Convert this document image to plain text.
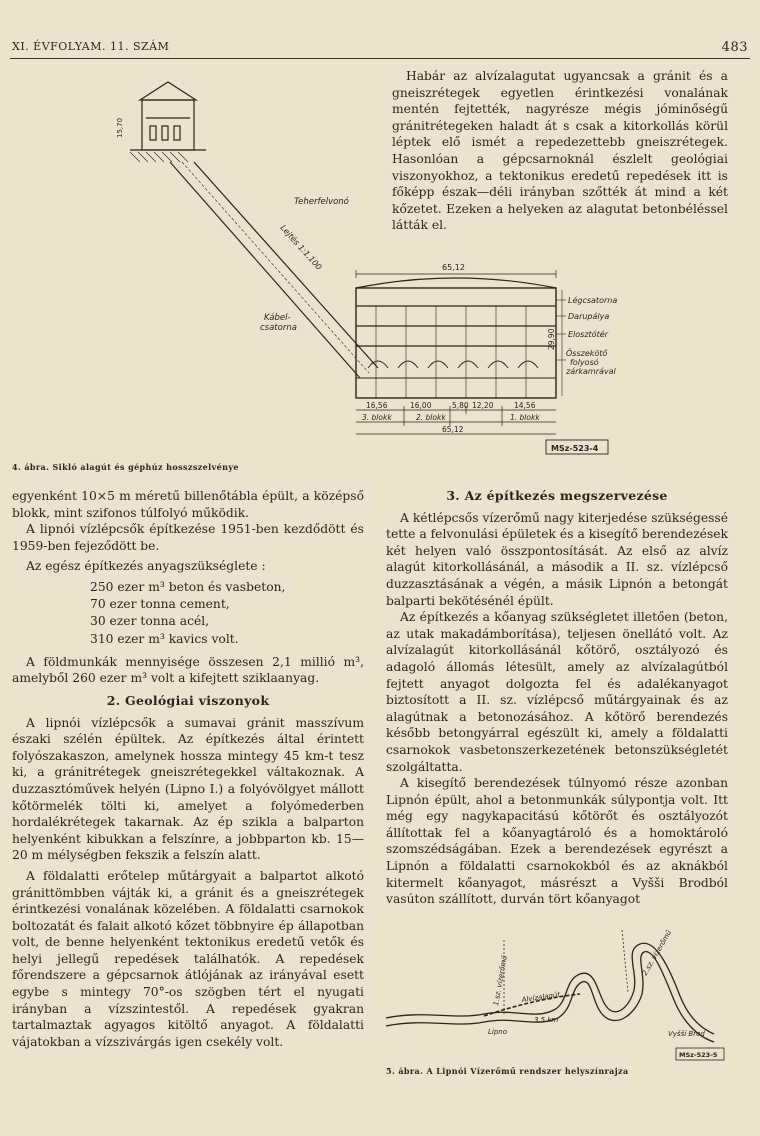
XI. ÉVFOLYAM. 11. SZÁM	483

Habár az alvízalagutat ugyancsak a gránit és a gneiszrétegek egyetlen érintkezési vonalának mentén fejtették, nagyrésze mégis jóminőségű gránitrétegeken haladt át s csak a kitorkollás körül léptek elő ismét a repedezettebb gneiszrétegek. Hasonlóan a gépcsarnoknál észlelt geológiai viszonyokhoz, a tektonikus eredetű repedések itt is főképp észak—déli irányban szőtték át mind a két kőzetet. Ezeken a helyeken az alagutat betonbéléssel látták el.

Teherfelvonó
Lejtés 1:1,100
Kábel-
csatorna
Légcsatorna
Darupálya
Elosztótér
Összekötő
folyosó
zárkamrával
65,12
29,90
16,56	16,00	5,80 12,20	14,56
3. blokk	2. blokk	1. blokk
65,12
15,70
MSz-523-4
4. ábra. Sikló alagút és géphúz hosszszelvénye

egyenként 10×5 m méretű billenőtábla épült, a középső blokk, mint szifonos túlfolyó működik.

A lipnói vízlépcsők építkezése 1951-ben kezdődött és 1959-ben fejeződött be.

Az egész építkezés anyagszükséglete :

250 ezer m³ beton és vasbeton,
70 ezer tonna cement,
30 ezer tonna acél,
310 ezer m³ kavics volt.

A földmunkák mennyisége összesen 2,1 millió m³, amelyből 260 ezer m³ volt a kifejtett sziklaanyag.

2. Geológiai viszonyok

A lipnói vízlépcsők a sumavai gránit masszívum északi szélén épültek. Az építkezés által érintett folyószakaszon, amelynek hossza mintegy 45 km-t tesz ki, a gránitrétegek gneiszrétegekkel váltakoznak. A duzzasztóművek helyén (Lipno I.) a folyóvölgyet mállott kőtörmelék tölti ki, amelyet a folyómederben hordalékrétegek takarnak. Az ép szikla a balparton helyenként kibukkan a felszínre, a jobbparton kb. 15—20 m mélységben fekszik a felszín alatt.

A földalatti erőtelep műtárgyait a balpartot alkotó gránittömbben vájták ki, a gránit és a gneiszrétegek érintkezési vonalának közelében. A földalatti csarnokok boltozatát és falait alkotó kőzet többnyire ép állapotban volt, de benne helyenként tektonikus eredetű vetők és helyi jellegű repedések találhatók. A repedések főrendszere a gépcsarnok átlójának az irányával esett egybe s mintegy 70°-os szögben tért el nyugati irányban a vízszintestől. A repedések gyakran tartalmaztak agyagos kitöltő anyagot. A földalatti vájatokban a vízszivárgás igen csekély volt.

3. Az építkezés megszervezése

A kétlépcsős vízerőmű nagy kiterjedése szükségessé tette a felvonulási épületek és a kisegítő berendezések két helyen való összpontosítását. Az első az alvíz alagút kitorkollásánál, a második a II. sz. vízlépcső duzzasztásának a végén, a másik Lipnón a betongát balparti bekötésénél épült.

Az építkezés a kőanyag szükségletet illetően (beton, az utak makadámborítása), teljesen önellátó volt. Az alvízalagút kitorkollásánál kőtörő, osztályozó és adagoló állomás létesült, amely az alvízalagútból fejtett anyagot dolgozta fel és adalékanyagot biztosított a II. sz. vízlépcső műtárgyainak és az alagútnak a betonozásához. A kőtörő berendezés később betongyárral egészült ki, amely a földalatti csarnokok vasbetonszerkezetének betonszükségletét szolgáltatta.

A kisegítő berendezések túlnyomó része azonban Lipnón épült, ahol a betonmunkák súlypontja volt. Itt még egy nagykapacitású kőtörőt és osztályozót állítottak fel a kőanyagtároló és a homoktároló szomszédságában. Ezek a berendezések egyrészt a Lipnón a földalatti csarnokokból és az aknákból kitermelt kőanyagot, másrészt a Vyšši Brodból vasúton szállított, durván tört kőanyagot

1.sz. vízerőmű Alvízalagút
Lipno
3,5 km
2.sz. vízerőmű
Vyšší Brod
MSz-523-5
5. ábra. A Lipnói Vízerőmű rendszer helyszínrajza
